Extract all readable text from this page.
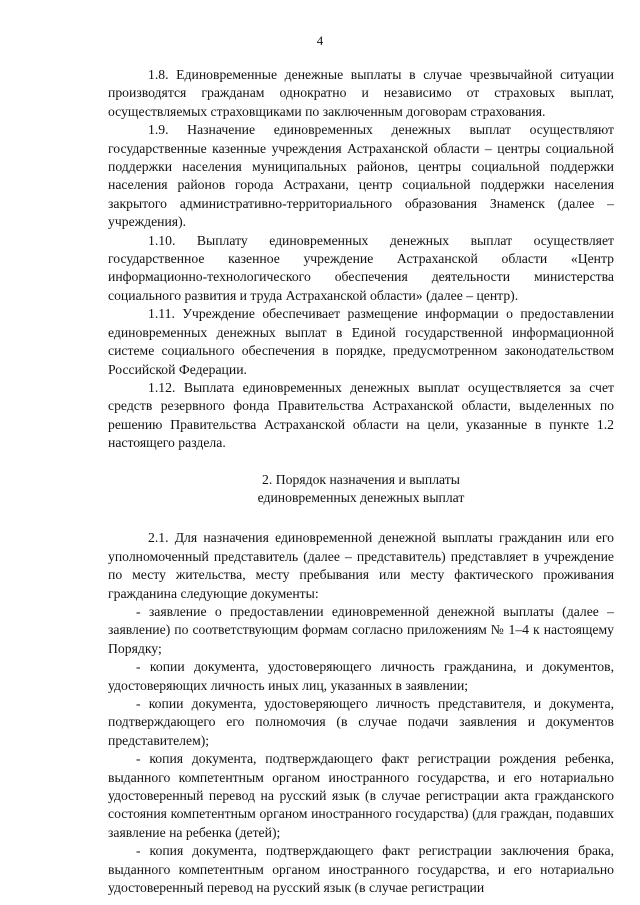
4

1.8. Единовременные денежные выплаты в случае чрезвычайной ситуации производятся гражданам однократно и независимо от страховых выплат, осуществляемых страховщиками по заключенным договорам страхования.

1.9. Назначение единовременных денежных выплат осуществляют государственные казенные учреждения Астраханской области – центры социальной поддержки населения муниципальных районов, центры социальной поддержки населения районов города Астрахани, центр социальной поддержки населения закрытого административно-территориального образования Знаменск (далее – учреждения).

1.10. Выплату единовременных денежных выплат осуществляет государственное казенное учреждение Астраханской области «Центр информационно-технологического обеспечения деятельности министерства социального развития и труда Астраханской области» (далее – центр).

1.11. Учреждение обеспечивает размещение информации о предоставлении единовременных денежных выплат в Единой государственной информационной системе социального обеспечения в порядке, предусмотренном законодательством Российской Федерации.

1.12. Выплата единовременных денежных выплат осуществляется за счет средств резервного фонда Правительства Астраханской области, выделенных по решению Правительства Астраханской области на цели, указанные в пункте 1.2 настоящего раздела.

2. Порядок назначения и выплаты
единовременных денежных выплат

2.1. Для назначения единовременной денежной выплаты гражданин или его уполномоченный представитель (далее – представитель) представляет в учреждение по месту жительства, месту пребывания или месту фактического проживания гражданина следующие документы:

- заявление о предоставлении единовременной денежной выплаты (далее – заявление) по соответствующим формам согласно приложениям № 1–4 к настоящему Порядку;

- копии документа, удостоверяющего личность гражданина, и документов, удостоверяющих личность иных лиц, указанных в заявлении;

- копии документа, удостоверяющего личность представителя, и документа, подтверждающего его полномочия (в случае подачи заявления и документов представителем);

- копия документа, подтверждающего факт регистрации рождения ребенка, выданного компетентным органом иностранного государства, и его нотариально удостоверенный перевод на русский язык (в случае регистрации акта гражданского состояния компетентным органом иностранного государства) (для граждан, подавших заявление на ребенка (детей);

- копия документа, подтверждающего факт регистрации заключения брака, выданного компетентным органом иностранного государства, и его нотариально удостоверенный перевод на русский язык (в случае регистрации
